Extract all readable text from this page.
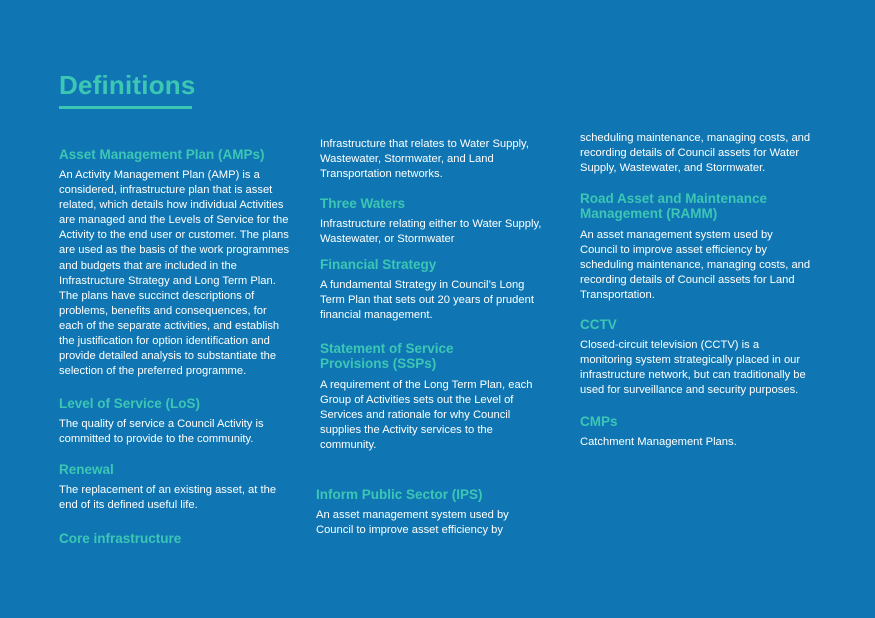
Definitions
Asset Management Plan (AMPs)

An Activity Management Plan (AMP) is a considered, infrastructure plan that is asset related, which details how individual Activities are managed and the Levels of Service for the Activity to the end user or customer. The plans are used as the basis of the work programmes and budgets that are included in the Infrastructure Strategy and Long Term Plan. The plans have succinct descriptions of problems, benefits and consequences, for each of the separate activities, and establish the justification for option identification and provide detailed analysis to substantiate the selection of the preferred programme.

Level of Service (LoS)

The quality of service a Council Activity is committed to provide to the community.

Renewal

The replacement of an existing asset, at the end of its defined useful life.

Core infrastructure

Infrastructure that relates to Water Supply, Wastewater, Stormwater, and Land Transportation networks.

Three Waters

Infrastructure relating either to Water Supply, Wastewater, or Stormwater

Financial Strategy

A fundamental Strategy in Council’s Long Term Plan that sets out 20 years of prudent financial management.

Statement of Service Provisions (SSPs)

A requirement of the Long Term Plan, each Group of Activities sets out the Level of Services and rationale for why Council supplies the Activity services to the community.

Inform Public Sector (IPS)

An asset management system used by Council to improve asset efficiency by

scheduling maintenance, managing costs, and recording details of Council assets for Water Supply, Wastewater, and Stormwater.

Road Asset and Maintenance Management (RAMM)

An asset management system used by Council to improve asset efficiency by scheduling maintenance, managing costs, and recording details of Council assets for Land Transportation.

CCTV

Closed-circuit television (CCTV) is a monitoring system strategically placed in our infrastructure network, but can traditionally be used for surveillance and security purposes.

CMPs

Catchment Management Plans.
